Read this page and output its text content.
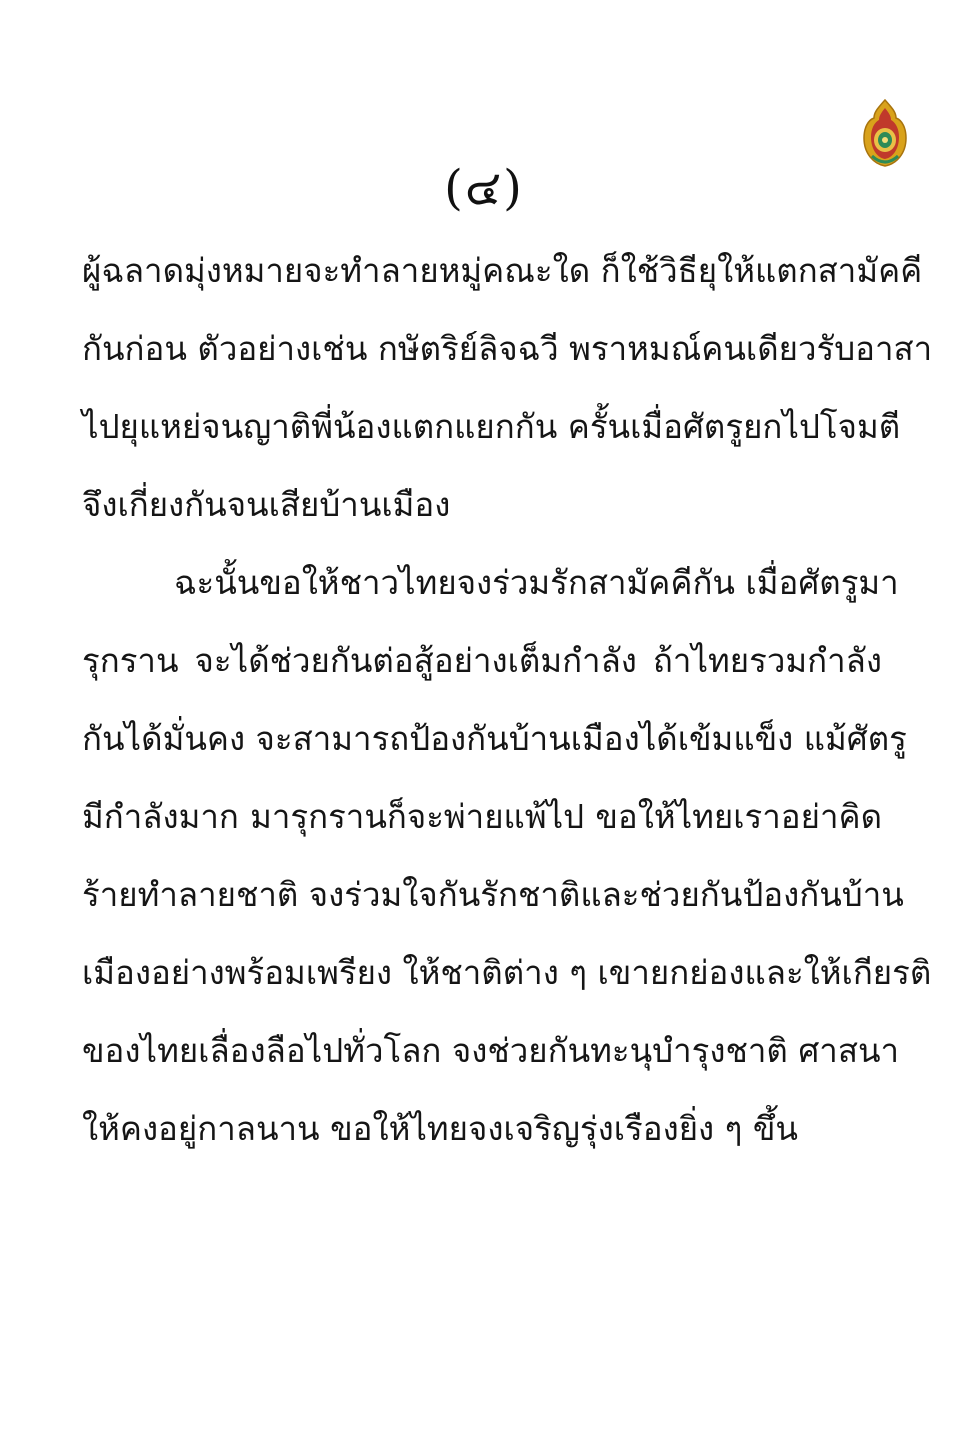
(๔)
ผู้ฉลาดมุ่งหมายจะทำลายหมู่คณะใด ก็ใช้วิธียุให้แตกสามัคคี
กันก่อน ตัวอย่างเช่น กษัตริย์ลิจฉวี พราหมณ์คนเดียวรับอาสา
ไปยุแหย่จนญาติพี่น้องแตกแยกกัน ครั้นเมื่อศัตรูยกไปโจมตี
จึงเกี่ยงกันจนเสียบ้านเมือง
ฉะนั้นขอให้ชาวไทยจงร่วมรักสามัคคีกัน เมื่อศัตรูมา
รุกราน จะได้ช่วยกันต่อสู้อย่างเต็มกำลัง ถ้าไทยรวมกำลัง
กันได้มั่นคง จะสามารถป้องกันบ้านเมืองได้เข้มแข็ง แม้ศัตรู
มีกำลังมาก มารุกรานก็จะพ่ายแพ้ไป ขอให้ไทยเราอย่าคิด
ร้ายทำลายชาติ จงร่วมใจกันรักชาติและช่วยกันป้องกันบ้าน
เมืองอย่างพร้อมเพรียง ให้ชาติต่าง ๆ เขายกย่องและให้เกียรติ
ของไทยเลื่องลือไปทั่วโลก จงช่วยกันทะนุบำรุงชาติ ศาสนา
ให้คงอยู่กาลนาน ขอให้ไทยจงเจริญรุ่งเรืองยิ่ง ๆ ขึ้น
